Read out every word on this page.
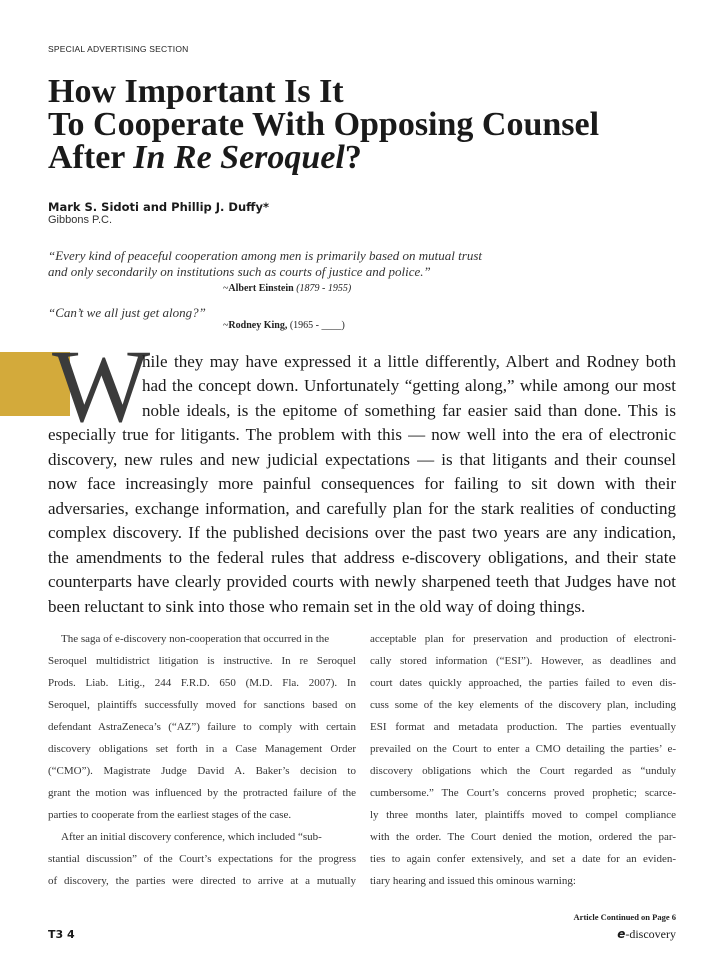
SPECIAL ADVERTISING SECTION
How Important Is It
To Cooperate With Opposing Counsel
After In Re Seroquel?
Mark S. Sidoti and Phillip J. Duffy*
Gibbons P.C.
“Every kind of peaceful cooperation among men is primarily based on mutual trust
and only secondarily on institutions such as courts of justice and police.”
~Albert Einstein (1879 - 1955)
“Can’t we all just get along?”
~Rodney King, (1965 - ____)
W
hile they may have expressed it a little differently, Albert and Rodney both
had the concept down. Unfortunately “getting along,” while among our most
noble ideals, is the epitome of something far easier said than done. This is
especially true for litigants. The problem with this — now well into the era of electronic
discovery, new rules and new judicial expectations — is that litigants and their counsel
now face increasingly more painful consequences for failing to sit down with their
adversaries, exchange information, and carefully plan for the stark realities of conducting
complex discovery. If the published decisions over the past two years are any indication,
the amendments to the federal rules that address e-discovery obligations, and their state
counterparts have clearly provided courts with newly sharpened teeth that Judges have not
been reluctant to sink into those who remain set in the old way of doing things.
The saga of e-discovery non-cooperation that occurred in the
Seroquel multidistrict litigation is instructive. In re Seroquel
Prods. Liab. Litig., 244 F.R.D. 650 (M.D. Fla. 2007). In
Seroquel, plaintiffs successfully moved for sanctions based on
defendant AstraZeneca’s (“AZ”) failure to comply with certain
discovery obligations set forth in a Case Management Order
(“CMO”). Magistrate Judge David A. Baker’s decision to
grant the motion was influenced by the protracted failure of the
parties to cooperate from the earliest stages of the case.
After an initial discovery conference, which included “sub-
stantial discussion” of the Court’s expectations for the progress
of discovery, the parties were directed to arrive at a mutually
acceptable plan for preservation and production of electroni-
cally stored information (“ESI”). However, as deadlines and
court dates quickly approached, the parties failed to even dis-
cuss some of the key elements of the discovery plan, including
ESI format and metadata production. The parties eventually
prevailed on the Court to enter a CMO detailing the parties’ e-
discovery obligations which the Court regarded as “unduly
cumbersome.” The Court’s concerns proved prophetic; scarce-
ly three months later, plaintiffs moved to compel compliance
with the order. The Court denied the motion, ordered the par-
ties to again confer extensively, and set a date for an eviden-
tiary hearing and issued this ominous warning:
Article Continued on Page 6
T3 4	e-discovery
